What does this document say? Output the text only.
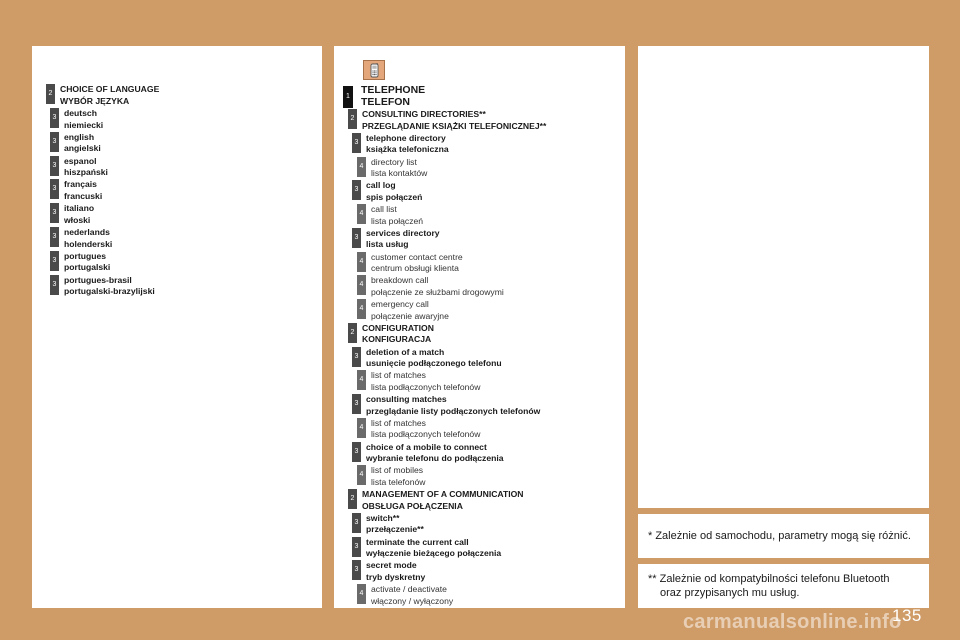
2 CHOICE OF LANGUAGE
WYBÓR JĘZYKA
3 deutsch
niemiecki
3 english
angielski
3 espanol
hiszpański
3 français
francuski
3 italiano
włoski
3 nederlands
holenderski
3 portugues
portugalski
3 portugues-brasil
portugalski-brazylijski
1
TELEPHONE
TELEFON
2 CONSULTING DIRECTORIES**
PRZEGLĄDANIE KSIĄŻKI TELEFONICZNEJ**
3 telephone directory
książka telefoniczna
4 directory list
lista kontaktów
3 call log
spis połączeń
4 call list
lista połączeń
3 services directory
lista usług
4 customer contact centre
centrum obsługi klienta
4 breakdown call
połączenie ze służbami drogowymi
4 emergency call
połączenie awaryjne
2 CONFIGURATION
KONFIGURACJA
3 deletion of a match
usunięcie podłączonego telefonu
4 list of matches
lista podłączonych telefonów
3 consulting matches
przeglądanie listy podłączonych telefonów
4 list of matches
lista podłączonych telefonów
3 choice of a mobile to connect
wybranie telefonu do podłączenia
4 list of mobiles
lista telefonów
2 MANAGEMENT OF A COMMUNICATION
OBSŁUGA POŁĄCZENIA
3 switch**
przełączenie**
3 terminate the current call
wyłączenie bieżącego połączenia
3 secret mode
tryb dyskretny
4 activate / deactivate
włączony / wyłączony
* Zależnie od samochodu, parametry mogą się różnić.
** Zależnie od kompatybilności telefonu Bluetooth
oraz przypisanych mu usług.
135
carmanualsonline.info
